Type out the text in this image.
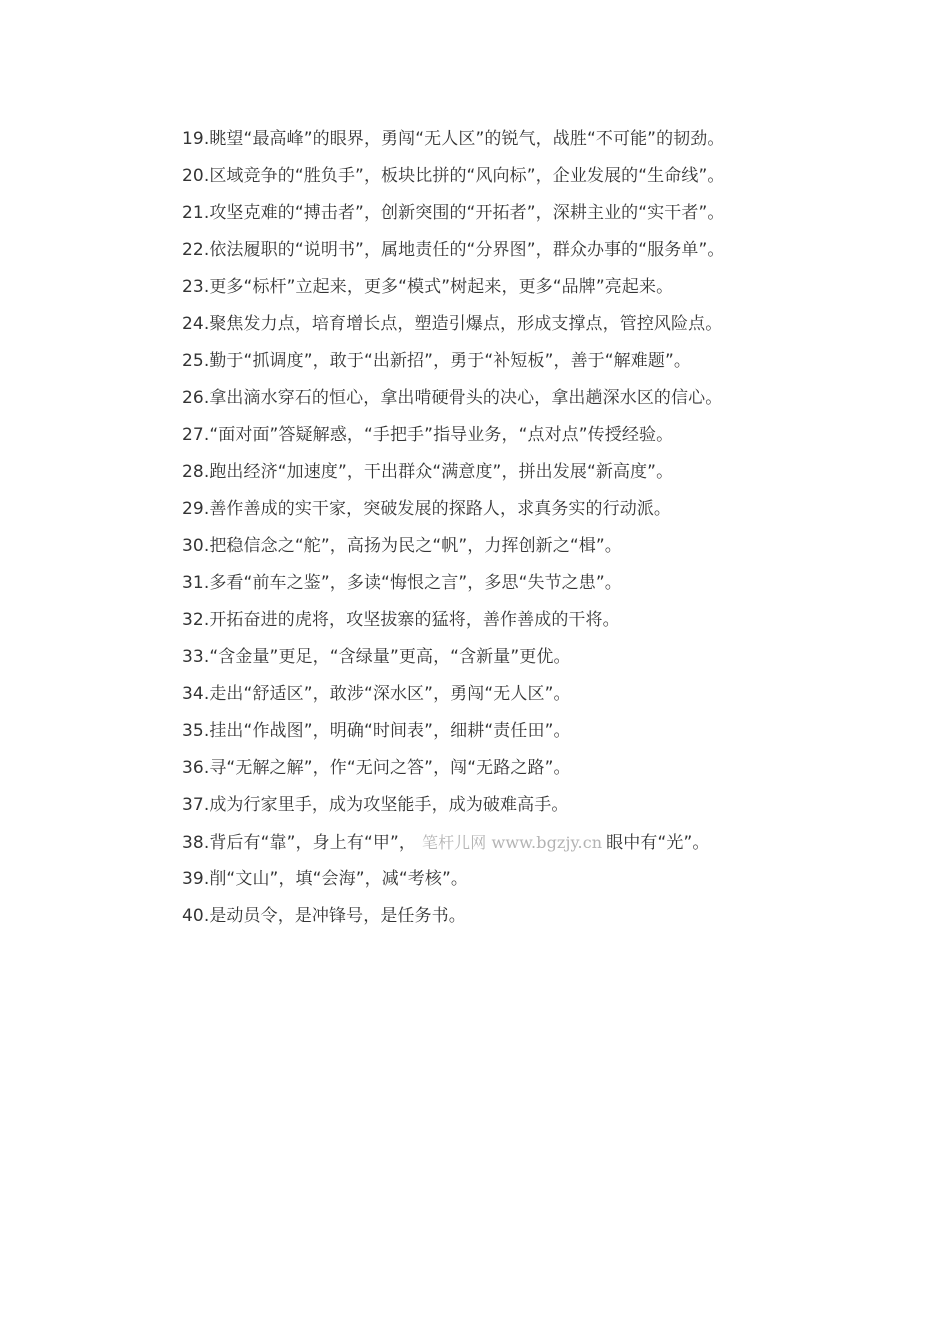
19.眺望“最高峰”的眼界，勇闯“无人区”的锐气，战胜“不可能”的韧劲。
20.区域竞争的“胜负手”，板块比拼的“风向标”，企业发展的“生命线”。
21.攻坚克难的“搏击者”，创新突围的“开拓者”，深耕主业的“实干者”。
22.依法履职的“说明书”，属地责任的“分界图”，群众办事的“服务单”。
23.更多“标杆”立起来，更多“模式”树起来，更多“品牌”亮起来。
24.聚焦发力点，培育增长点，塑造引爆点，形成支撑点，管控风险点。
25.勤于“抓调度”，敢于“出新招”，勇于“补短板”，善于“解难题”。
26.拿出滴水穿石的恒心，拿出啃硬骨头的决心，拿出趟深水区的信心。
27.“面对面”答疑解惑，“手把手”指导业务，“点对点”传授经验。
28.跑出经济“加速度”，干出群众“满意度”，拼出发展“新高度”。
29.善作善成的实干家，突破发展的探路人，求真务实的行动派。
30.把稳信念之“舵”，高扬为民之“帆”，力挥创新之“楫”。
31.多看“前车之鉴”，多读“悔恨之言”，多思“失节之患”。
32.开拓奋进的虎将，攻坚拔寨的猛将，善作善成的干将。
33.“含金量”更足，“含绿量”更高，“含新量”更优。
34.走出“舒适区”，敢涉“深水区”，勇闯“无人区”。
35.挂出“作战图”，明确“时间表”，细耕“责任田”。
36.寻“无解之解”，作“无问之答”，闯“无路之路”。
37.成为行家里手，成为攻坚能手，成为破难高手。
38.背后有“靠”，身上有“甲”， 笔杆儿网 www.bgzjy.cn 眼中有“光”。
39.削“文山”，填“会海”，减“考核”。
40.是动员令，是冲锋号，是任务书。
